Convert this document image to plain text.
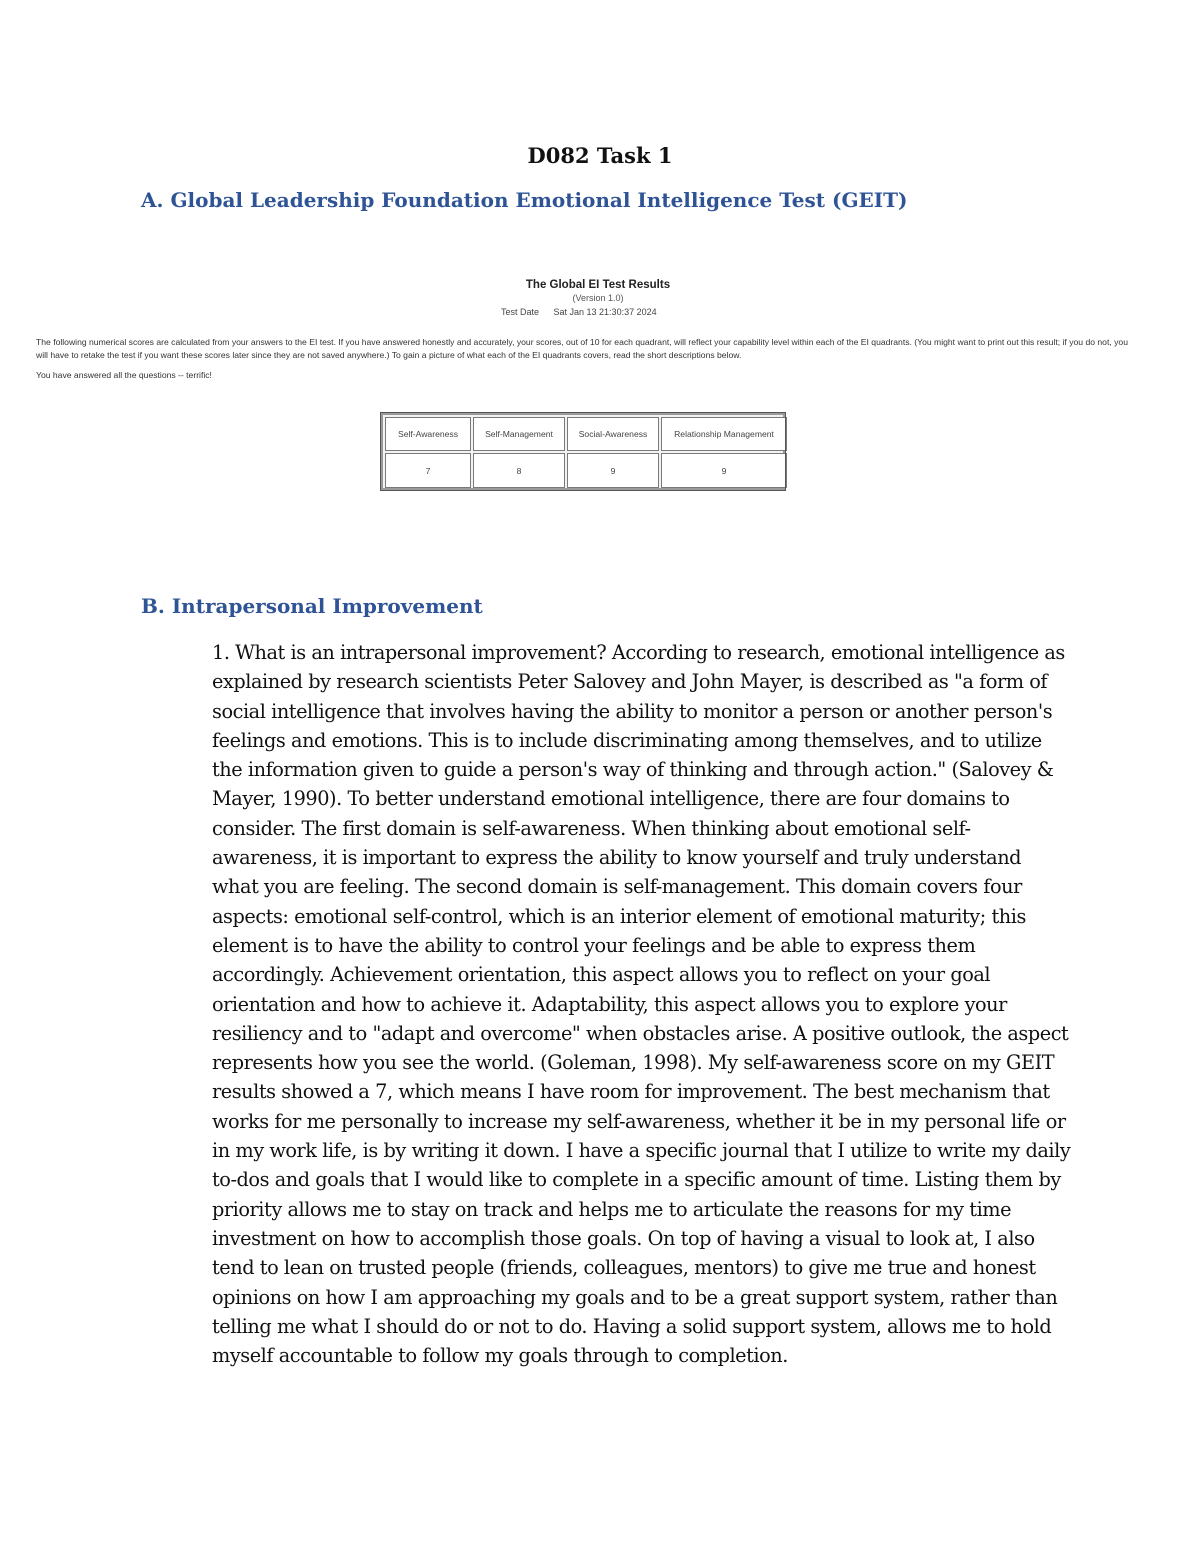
D082 Task 1
A. Global Leadership Foundation Emotional Intelligence Test (GEIT)
The Global EI Test Results
(Version 1.0)
Test Date Sat Jan 13 21:30:37 2024
The following numerical scores are calculated from your answers to the EI test. If you have answered honestly and accurately, your scores, out of 10 for each quadrant, will reflect your capability level within each of the EI quadrants. (You might want to print out this result; if you do not, you will have to retake the test if you want these scores later since they are not saved anywhere.) To gain a picture of what each of the EI quadrants covers, read the short descriptions below.
You have answered all the questions -- terrific!
Self-Awareness	Self-Management	Social-Awareness	Relationship Management
7	8	9	9
B. Intrapersonal Improvement

1. What is an intrapersonal improvement? According to research, emotional intelligence as explained by research scientists Peter Salovey and John Mayer, is described as "a form of social intelligence that involves having the ability to monitor a person or another person's feelings and emotions. This is to include discriminating among themselves, and to utilize the information given to guide a person's way of thinking and through action." (Salovey & Mayer, 1990). To better understand emotional intelligence, there are four domains to consider. The first domain is self-awareness. When thinking about emotional self-awareness, it is important to express the ability to know yourself and truly understand what you are feeling. The second domain is self-management. This domain covers four aspects: emotional self-control, which is an interior element of emotional maturity; this element is to have the ability to control your feelings and be able to express them accordingly. Achievement orientation, this aspect allows you to reflect on your goal orientation and how to achieve it. Adaptability, this aspect allows you to explore your resiliency and to "adapt and overcome" when obstacles arise. A positive outlook, the aspect represents how you see the world. (Goleman, 1998). My self-awareness score on my GEIT results showed a 7, which means I have room for improvement. The best mechanism that works for me personally to increase my self-awareness, whether it be in my personal life or in my work life, is by writing it down. I have a specific journal that I utilize to write my daily to-dos and goals that I would like to complete in a specific amount of time. Listing them by priority allows me to stay on track and helps me to articulate the reasons for my time investment on how to accomplish those goals. On top of having a visual to look at, I also tend to lean on trusted people (friends, colleagues, mentors) to give me true and honest opinions on how I am approaching my goals and to be a great support system, rather than telling me what I should do or not to do. Having a solid support system, allows me to hold myself accountable to follow my goals through to completion.
